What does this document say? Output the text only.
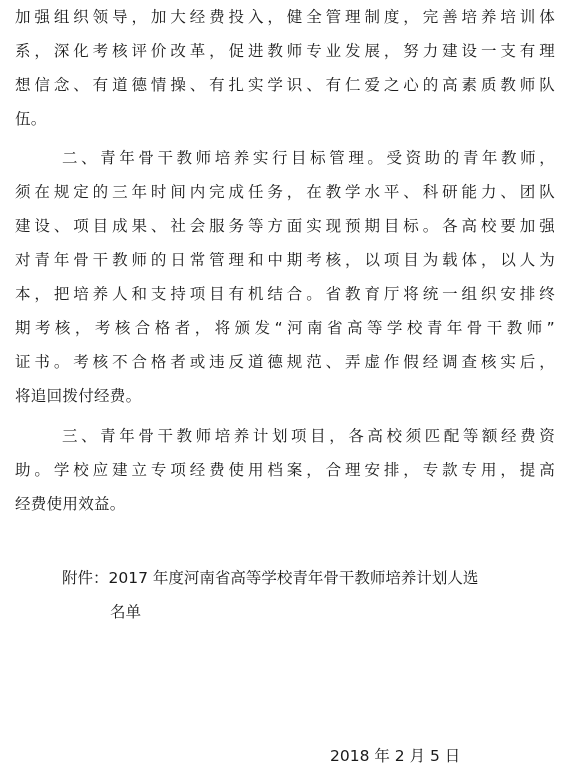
加强组织领导，加大经费投入，健全管理制度，完善培养培训体
系，深化考核评价改革，促进教师专业发展，努力建设一支有理
想信念、有道德情操、有扎实学识、有仁爱之心的高素质教师队
伍。
二、青年骨干教师培养实行目标管理。受资助的青年教师，
须在规定的三年时间内完成任务，在教学水平、科研能力、团队
建设、项目成果、社会服务等方面实现预期目标。各高校要加强
对青年骨干教师的日常管理和中期考核，以项目为载体，以人为
本，把培养人和支持项目有机结合。省教育厅将统一组织安排终
期考核，考核合格者，将颁发“河南省高等学校青年骨干教师”
证书。考核不合格者或违反道德规范、弄虚作假经调查核实后，
将追回拨付经费。
三、青年骨干教师培养计划项目，各高校须匹配等额经费资
助。学校应建立专项经费使用档案，合理安排，专款专用，提高
经费使用效益。
附件：2017 年度河南省高等学校青年骨干教师培养计划人选
名单
2018 年 2 月 5 日
